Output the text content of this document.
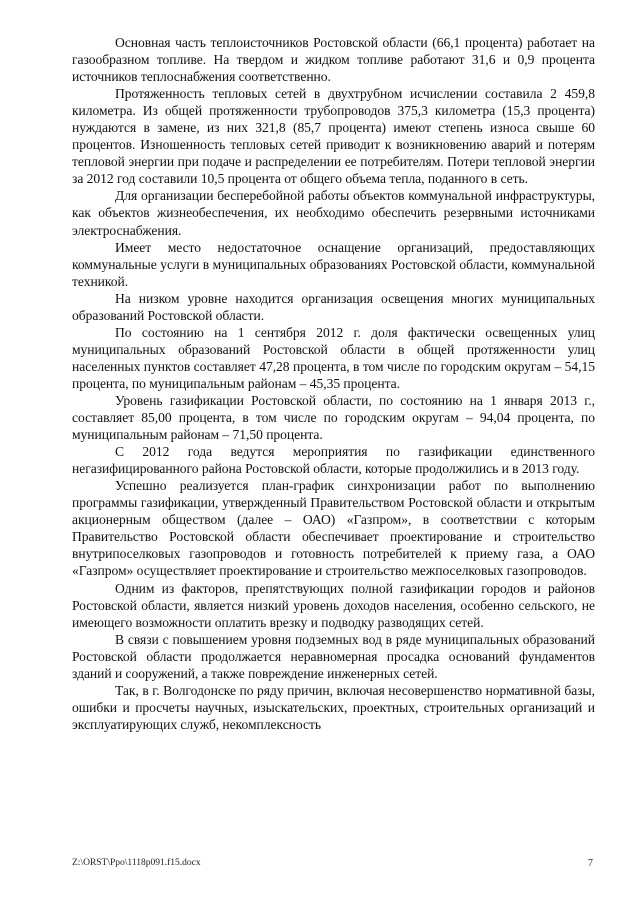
Основная часть теплоисточников Ростовской области (66,1 процента) работает на газообразном топливе. На твердом и жидком топливе работают 31,6 и 0,9 процента источников теплоснабжения соответственно.

Протяженность тепловых сетей в двухтрубном исчислении составила 2 459,8 километра. Из общей протяженности трубопроводов 375,3 километра (15,3 процента) нуждаются в замене, из них 321,8 (85,7 процента) имеют степень износа свыше 60 процентов. Изношенность тепловых сетей приводит к возникновению аварий и потерям тепловой энергии при подаче и распределении ее потребителям. Потери тепловой энергии за 2012 год составили 10,5 процента от общего объема тепла, поданного в сеть.

Для организации бесперебойной работы объектов коммунальной инфраструктуры, как объектов жизнеобеспечения, их необходимо обеспечить резервными источниками электроснабжения.

Имеет место недостаточное оснащение организаций, предоставляющих коммунальные услуги в муниципальных образованиях Ростовской области, коммунальной техникой.

На низком уровне находится организация освещения многих муниципальных образований Ростовской области.

По состоянию на 1 сентября 2012 г. доля фактически освещенных улиц муниципальных образований Ростовской области в общей протяженности улиц населенных пунктов составляет 47,28 процента, в том числе по городским округам – 54,15 процента, по муниципальным районам – 45,35 процента.

Уровень газификации Ростовской области, по состоянию на 1 января 2013 г., составляет 85,00 процента, в том числе по городским округам – 94,04 процента, по муниципальным районам – 71,50 процента.

С 2012 года ведутся мероприятия по газификации единственного негазифицированного района Ростовской области, которые продолжились и в 2013 году.

Успешно реализуется план-график синхронизации работ по выполнению программы газификации, утвержденный Правительством Ростовской области и открытым акционерным обществом (далее – ОАО) «Газпром», в соответствии с которым Правительство Ростовской области обеспечивает проектирование и строительство внутрипоселковых газопроводов и готовность потребителей к приему газа, а ОАО «Газпром» осуществляет проектирование и строительство межпоселковых газопроводов.

Одним из факторов, препятствующих полной газификации городов и районов Ростовской области, является низкий уровень доходов населения, особенно сельского, не имеющего возможности оплатить врезку и подводку разводящих сетей.

В связи с повышением уровня подземных вод в ряде муниципальных образований Ростовской области продолжается неравномерная просадка оснований фундаментов зданий и сооружений, а также повреждение инженерных сетей.

Так, в г. Волгодонске по ряду причин, включая несовершенство нормативной базы, ошибки и просчеты научных, изыскательских, проектных, строительных организаций и эксплуатирующих служб, некомплексность

Z:\ORST\Ppo\1118p091.f15.docx	7
